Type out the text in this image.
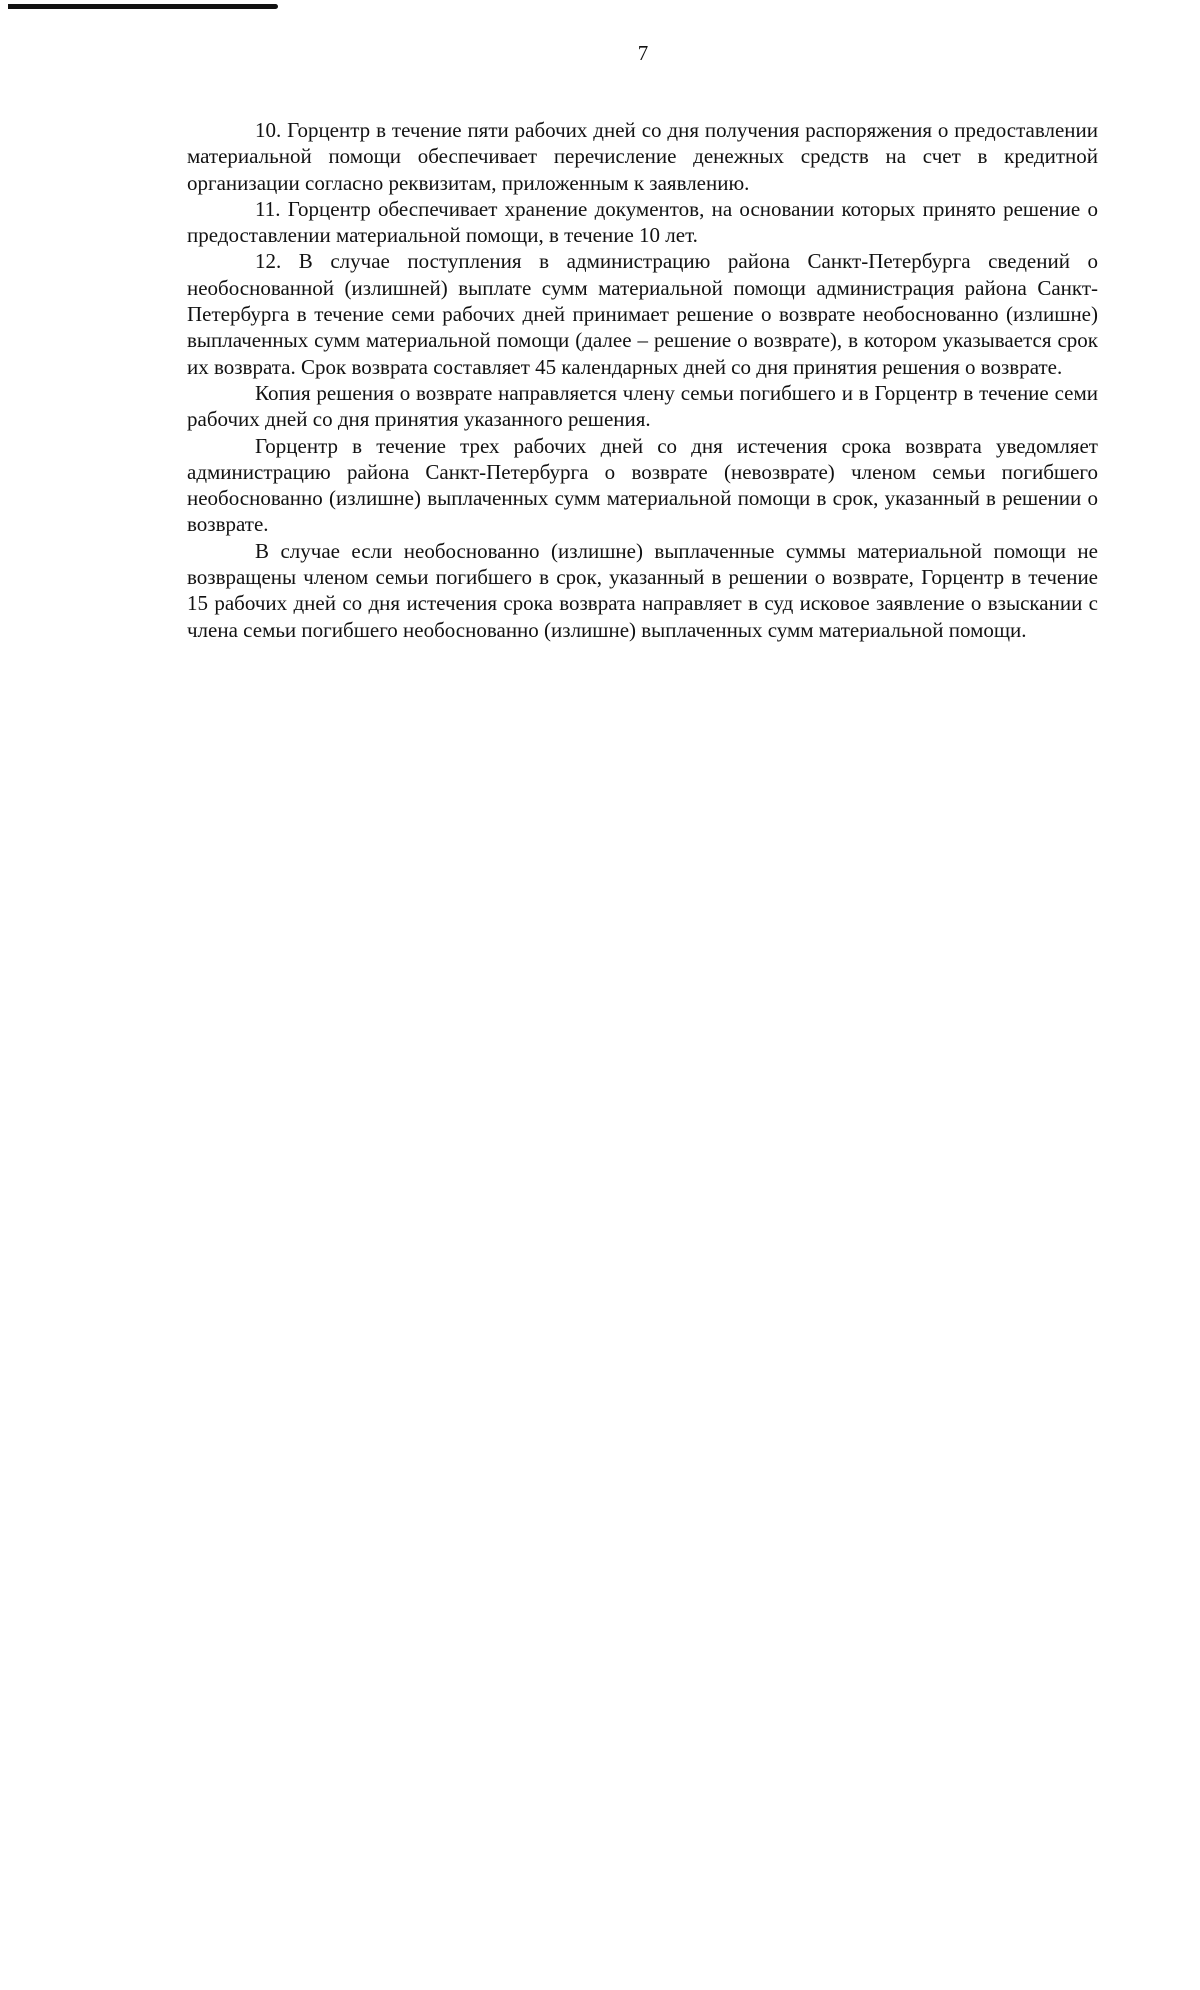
7

10. Горцентр в течение пяти рабочих дней со дня получения распоряжения о предоставлении материальной помощи обеспечивает перечисление денежных средств на счет в кредитной организации согласно реквизитам, приложенным к заявлению.

11. Горцентр обеспечивает хранение документов, на основании которых принято решение о предоставлении материальной помощи, в течение 10 лет.

12. В случае поступления в администрацию района Санкт-Петербурга сведений о необоснованной (излишней) выплате сумм материальной помощи администрация района Санкт-Петербурга в течение семи рабочих дней принимает решение о возврате необоснованно (излишне) выплаченных сумм материальной помощи (далее – решение о возврате), в котором указывается срок их возврата. Срок возврата составляет 45 календарных дней со дня принятия решения о возврате.

Копия решения о возврате направляется члену семьи погибшего и в Горцентр в течение семи рабочих дней со дня принятия указанного решения.

Горцентр в течение трех рабочих дней со дня истечения срока возврата уведомляет администрацию района Санкт-Петербурга о возврате (невозврате) членом семьи погибшего необоснованно (излишне) выплаченных сумм материальной помощи в срок, указанный в решении о возврате.

В случае если необоснованно (излишне) выплаченные суммы материальной помощи не возвращены членом семьи погибшего в срок, указанный в решении о возврате, Горцентр в течение 15 рабочих дней со дня истечения срока возврата направляет в суд исковое заявление о взыскании с члена семьи погибшего необоснованно (излишне) выплаченных сумм материальной помощи.
